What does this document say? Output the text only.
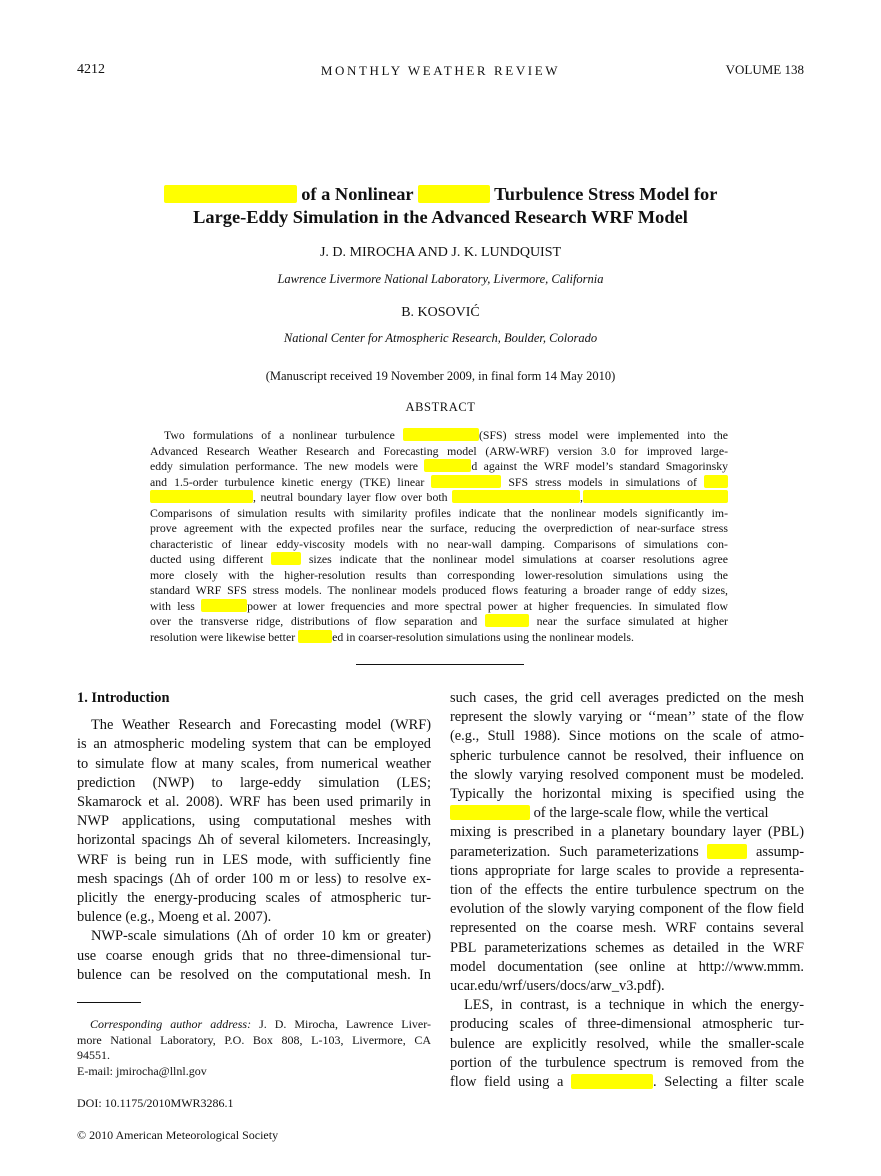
4212	MONTHLY WEATHER REVIEW	VOLUME 138
of a Nonlinear	Turbulence Stress Model for
Large-Eddy Simulation in the Advanced Research WRF Model
J. D. MIROCHA AND J. K. LUNDQUIST
Lawrence Livermore National Laboratory, Livermore, California
B. KOSOVIĆ
National Center for Atmospheric Research, Boulder, Colorado
(Manuscript received 19 November 2009, in final form 14 May 2010)
ABSTRACT
Two formulations of a nonlinear turbulence	(SFS) stress model were implemented into the
Advanced Research Weather Research and Forecasting model (ARW-WRF) version 3.0 for improved large-
eddy simulation performance. The new models were	d against the WRF model’s standard Smagorinsky
and 1.5-order turbulence kinetic energy (TKE) linear	SFS stress models in simulations of
, neutral boundary layer flow over both	,
Comparisons of simulation results with similarity profiles indicate that the nonlinear models significantly im-
prove agreement with the expected profiles near the surface, reducing the overprediction of near-surface stress
characteristic of linear eddy-viscosity models with no near-wall damping. Comparisons of simulations con-
ducted using different	sizes indicate that the nonlinear model simulations at coarser resolutions agree
more closely with the higher-resolution results than corresponding lower-resolution simulations using the
standard WRF SFS stress models. The nonlinear models produced flows featuring a broader range of eddy sizes,
with less	power at lower frequencies and more spectral power at higher frequencies. In simulated flow
over the transverse ridge, distributions of flow separation and	near the surface simulated at higher
resolution were likewise better	ed in coarser-resolution simulations using the nonlinear models.
1. Introduction
The Weather Research and Forecasting model (WRF)
is an atmospheric modeling system that can be employed
to simulate flow at many scales, from numerical weather
prediction (NWP) to large-eddy simulation (LES;
Skamarock et al. 2008). WRF has been used primarily in
NWP applications, using computational meshes with
horizontal spacings Δh of several kilometers. Increasingly,
WRF is being run in LES mode, with sufficiently fine
mesh spacings (Δh of order 100 m or less) to resolve ex-
plicitly the energy-producing scales of atmospheric tur-
bulence (e.g., Moeng et al. 2007).
NWP-scale simulations (Δh of order 10 km or greater)
use coarse enough grids that no three-dimensional tur-
bulence can be resolved on the computational mesh. In
such cases, the grid cell averages predicted on the mesh
represent the slowly varying or ‘‘mean’’ state of the flow
(e.g., Stull 1988). Since motions on the scale of atmo-
spheric turbulence cannot be resolved, their influence on
the slowly varying resolved component must be modeled.
Typically the horizontal mixing is specified using the
of the large-scale flow, while the vertical
mixing is prescribed in a planetary boundary layer (PBL)
parameterization. Such parameterizations	assump-
tions appropriate for large scales to provide a representa-
tion of the effects the entire turbulence spectrum on the
evolution of the slowly varying component of the flow field
represented on the coarse mesh. WRF contains several
PBL parameterizations schemes as detailed in the WRF
model documentation (see online at http://www.mmm.
ucar.edu/wrf/users/docs/arw_v3.pdf).
LES, in contrast, is a technique in which the energy-
producing scales of three-dimensional atmospheric tur-
bulence are explicitly resolved, while the smaller-scale
portion of the turbulence spectrum is removed from the
flow field using a	. Selecting a filter scale
Corresponding author address: J. D. Mirocha, Lawrence Liver-
more National Laboratory, P.O. Box 808, L-103, Livermore, CA
94551.
E-mail: jmirocha@llnl.gov
DOI: 10.1175/2010MWR3286.1
© 2010 American Meteorological Society
